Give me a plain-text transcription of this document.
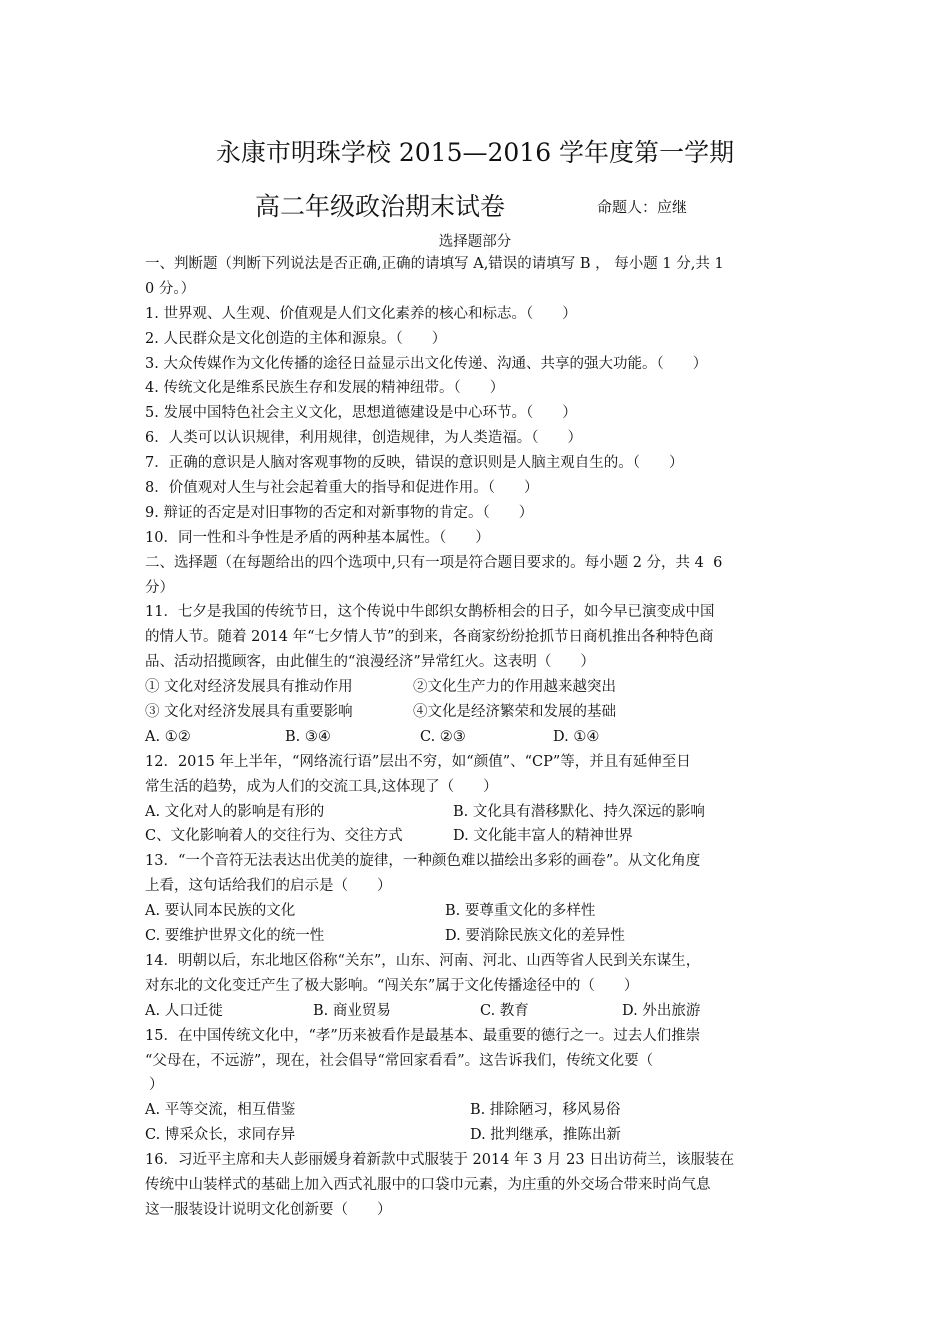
永康市明珠学校 2015—2016 学年度第一学期
高二年级政治期末试卷	命题人：应继
选择题部分
一、判断题（判断下列说法是否正确,正确的请填写 A,错误的请填写 B ， 每小题 1 分,共 1
0 分。）
1. 世界观、人生观、价值观是人们文化素养的核心和标志。（　　）
2. 人民群众是文化创造的主体和源泉。（　　）
3. 大众传媒作为文化传播的途径日益显示出文化传递、沟通、共享的强大功能。（　　）
4. 传统文化是维系民族生存和发展的精神纽带。（　　）
5. 发展中国特色社会主义文化，思想道德建设是中心环节。（　　）
6．人类可以认识规律，利用规律，创造规律，为人类造福。（　　）
7．正确的意识是人脑对客观事物的反映，错误的意识则是人脑主观自生的。（　　）
8．价值观对人生与社会起着重大的指导和促进作用。（　　）
9. 辩证的否定是对旧事物的否定和对新事物的肯定。（　　）
10．同一性和斗争性是矛盾的两种基本属性。（　　）
二、选择题（在每题给出的四个选项中,只有一项是符合题目要求的。每小题 2 分，共 4  6
分）
11．七夕是我国的传统节日，这个传说中牛郎织女鹊桥相会的日子，如今早已演变成中国
的情人节。随着 2014 年“七夕情人节”的到来，各商家纷纷抢抓节日商机推出各种特色商
品、活动招揽顾客，由此催生的“浪漫经济”异常红火。这表明（　　）
① 文化对经济发展具有推动作用	②文化生产力的作用越来越突出
③ 文化对经济发展具有重要影响	④文化是经济繁荣和发展的基础
A. ①②	B. ③④	C. ②③	D. ①④
12．2015 年上半年，“网络流行语”层出不穷，如“颜值”、“CP”等，并且有延伸至日
常生活的趋势，成为人们的交流工具,这体现了（　　）
A. 文化对人的影响是有形的	B. 文化具有潜移默化、持久深远的影响
C、文化影响着人的交往行为、交往方式	D. 文化能丰富人的精神世界
13．“一个音符无法表达出优美的旋律，一种颜色难以描绘出多彩的画卷”。从文化角度
上看，这句话给我们的启示是（　　）
A. 要认同本民族的文化	B. 要尊重文化的多样性
C. 要维护世界文化的统一性	D. 要消除民族文化的差异性
14．明朝以后，东北地区俗称“关东”，山东、河南、河北、山西等省人民到关东谋生，
对东北的文化变迁产生了极大影响。“闯关东”属于文化传播途径中的（　　）
A. 人口迁徙	B. 商业贸易	C. 教育	D. 外出旅游
15．在中国传统文化中，“孝”历来被看作是最基本、最重要的德行之一。过去人们推崇
“父母在，不远游”，现在，社会倡导“常回家看看”。这告诉我们，传统文化要（
）
A. 平等交流，相互借鉴	B. 排除陋习，移风易俗
C. 博采众长，求同存异	D. 批判继承，推陈出新
16．习近平主席和夫人彭丽媛身着新款中式服装于 2014 年 3 月 23 日出访荷兰，该服装在
传统中山装样式的基础上加入西式礼服中的口袋巾元素，为庄重的外交场合带来时尚气息
这一服装设计说明文化创新要（　　）
